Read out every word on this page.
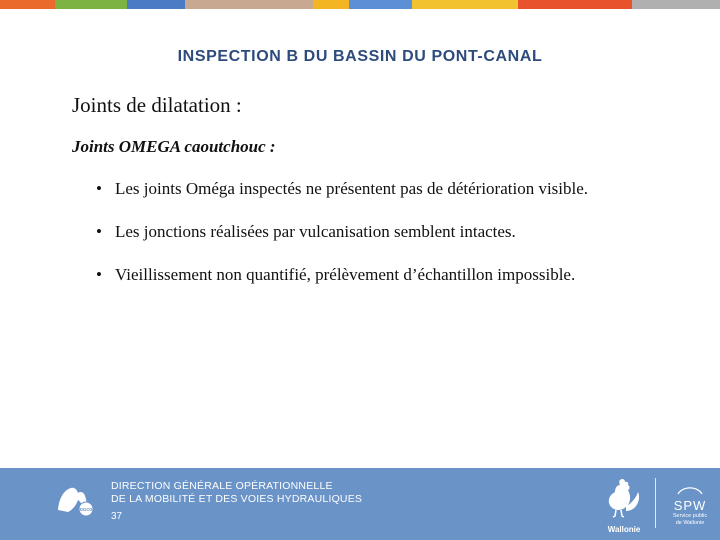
INSPECTION B DU BASSIN DU PONT-CANAL
Joints de dilatation :
Joints OMEGA caoutchouc :
• Les joints Oméga inspectés ne présentent pas de détérioration visible.
• Les jonctions réalisées par vulcanisation semblent intactes.
• Vieillissement non quantifié, prélèvement d’échantillon impossible.
DGO2
DIRECTION GÉNÉRALE OPÉRATIONNELLE
DE LA MOBILITÉ ET DES VOIES HYDRAULIQUES
37
Wallonie
SPW
Service public
de Wallonie
